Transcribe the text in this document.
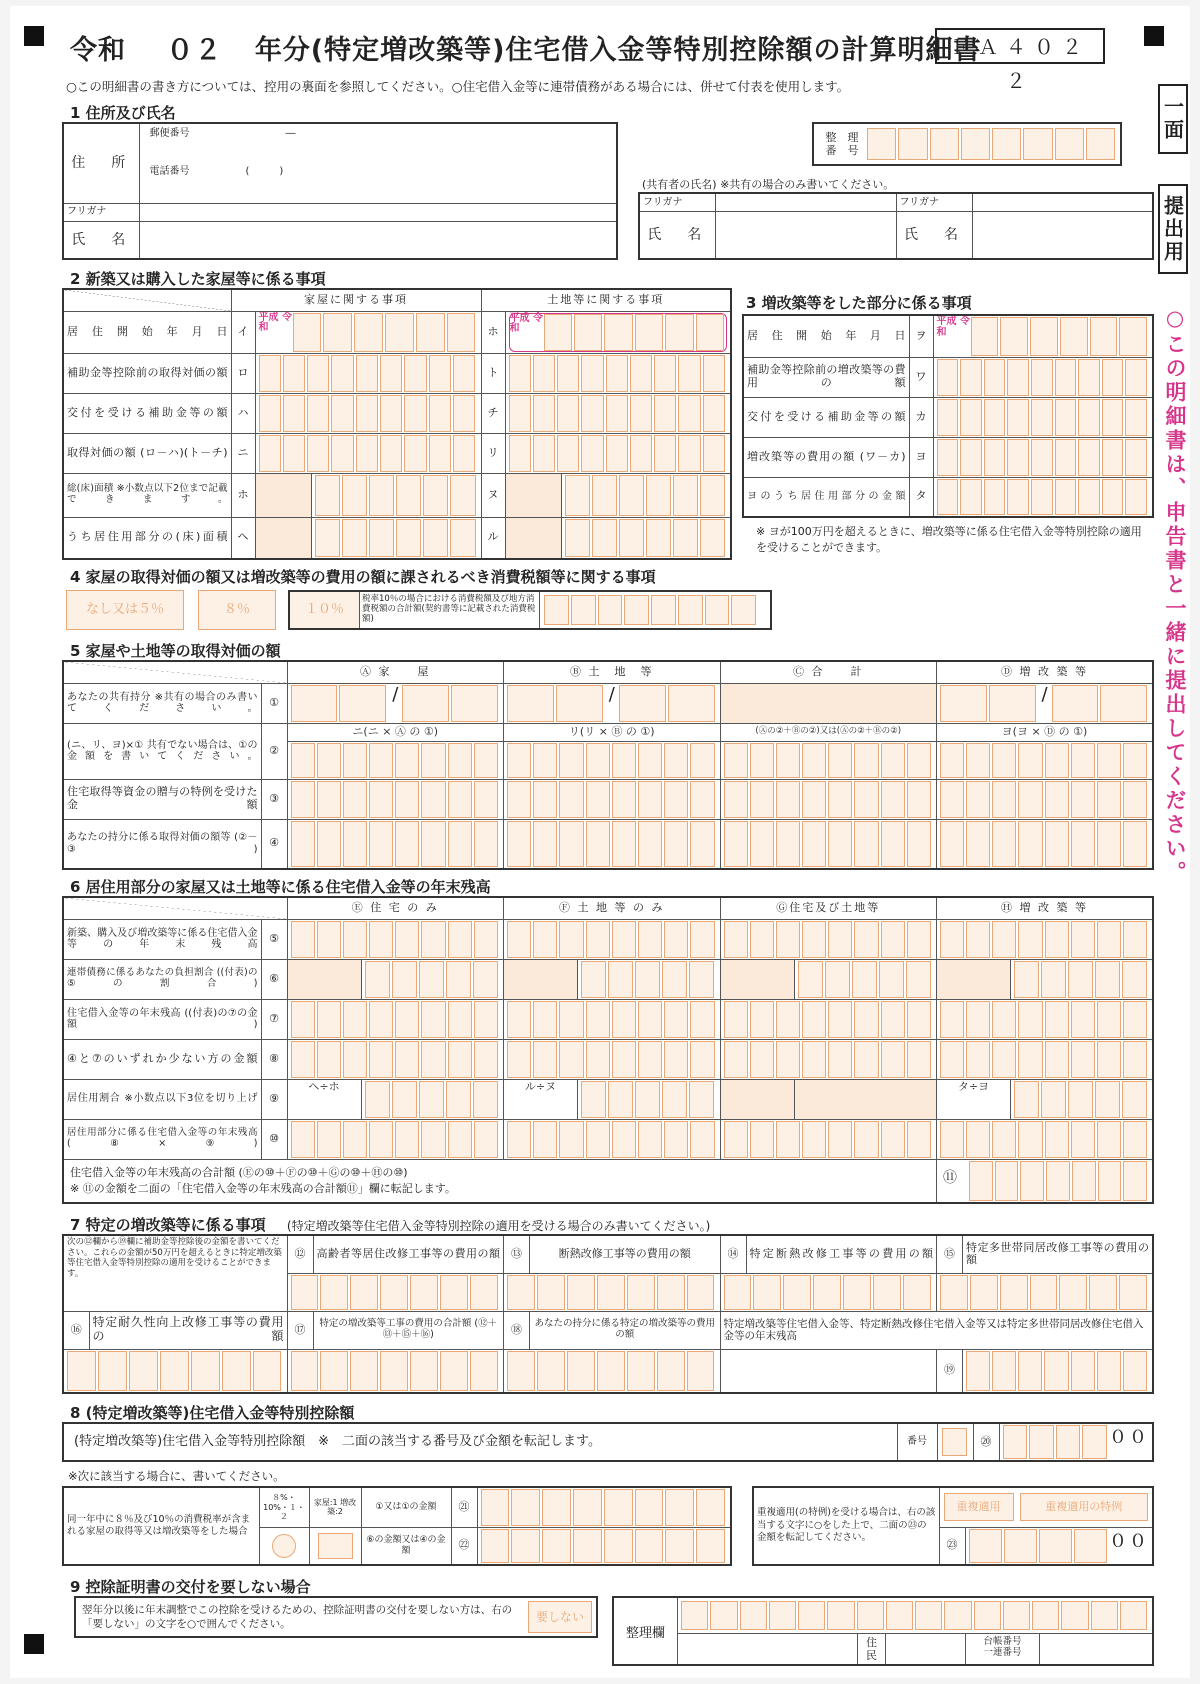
令和 ０２ 年分(特定増改築等)住宅借入金等特別控除額の計算明細書
ＦＡ４０２２
○この明細書の書き方については、控用の裏面を参照してください。○住宅借入金等に連帯債務がある場合には、併せて付表を使用します。
一面
提出用
○この明細書は、申告書と一緒に提出してください。
1 住所及び氏名
住　所	郵便番号 ―
電話番号 (　　　)

フリガナ	
氏　名	
整　理
番　号
(共有者の氏名) ※共有の場合のみ書いてください。
フリガナ		フリガナ	
氏　名		氏　名	
2 新築又は購入した家屋等に係る事項
	家屋に関する事項			土地等に関する事項		
居住開始年月日	イ	平成 令和		ホ	平成 令和	

補助金等控除前の取得対価の額	ロ			ト		

交付を受ける補助金等の額	ハ			チ		

取得対価の額 (ロ－ハ)(ト－チ)	ニ			リ		

総(床)面積 ※小数点以下2位まで記載できます。	ホ			ヌ		

うち居住用部分の(床)面積	ヘ			ル		
3 増改築等をした部分に係る事項
居住開始年月日	ヲ	平成 令和

補助金等控除前の増改築等の費用の額	ワ	

交付を受ける補助金等の額	カ	

増改築等の費用の額 (ワ－カ)	ヨ	

ヨのうち居住用部分の金額	タ	
※ ヨが100万円を超えるときに、増改築等に係る住宅借入金等特別控除の適用を受けることができます。
4 家屋の取得対価の額又は増改築等の費用の額に課されるべき消費税額等に関する事項
なし又は５％	８％	１０％
税率10％の場合における消費税額及び地方消費税額の合計額(契約書等に記載された消費税額)
5 家屋や土地等の取得対価の額
		Ⓐ 家　　屋	Ⓑ 土　地　等	Ⓒ 合　　計	Ⓓ 増 改 築 等
あなたの共有持分 ※共有の場合のみ書いてください。	①	/	/		/

(ニ、リ、ヨ)×① 共有でない場合は、①の金額を書いてください。	②	ニ(ニ × Ⓐ の ①)	リ(リ × Ⓑ の ①)	(Ⓐの②＋Ⓑの②)又は(Ⓐの②＋Ⓑの②)	ヨ(ヨ × Ⓓ の ①)

住宅取得等資金の贈与の特例を受けた金額	③	

あなたの持分に係る取得対価の額等 (②－③)	④	

6 居住用部分の家屋又は土地等に係る住宅借入金等の年末残高
		Ⓔ 住 宅 の み		Ⓕ 土 地 等 の み		Ⓖ住宅及び土地等		Ⓗ 増 改 築 等	
新築、購入及び増改築等に係る住宅借入金等の年末残高	⑤					

連帯債務に係るあなたの負担割合 ((付表)の⑤の割合)	⑥		

住宅借入金等の年末残高 ((付表)の⑦の金額)	⑦					

④と⑦のいずれか少ない方の金額	⑧					

居住用割合 ※小数点以下3位を切り上げ	⑨	ヘ÷ホ		ル÷ヌ				タ÷ヨ	

居住用部分に係る住宅借入金等の年末残高 (⑧×⑨)	⑩					

住宅借入金等の年末残高の合計額 (Ⓔの⑩＋Ⓕの⑩＋Ⓖの⑩＋Ⓗの⑩)
※ ⑪の金額を二面の「住宅借入金等の年末残高の合計額⑪」欄に転記します。								⑪	
7 特定の増改築等に係る事項 (特定増改築等住宅借入金等特別控除の適用を受ける場合のみ書いてください。)
次の⑫欄から⑲欄に補助金等控除後の金額を書いてください。これらの金額が50万円を超えるときに特定増改築等住宅借入金等特別控除の適用を受けることができます。		⑫	高齢者等居住改修工事等の費用の額	⑬	断熱改修工事等の費用の額	⑭	特定断熱改修工事等の費用の額	⑮	特定多世帯同居改修工事等の費用の額

⑯	特定耐久性向上改修工事等の費用の額	⑰	特定の増改築等工事の費用の合計額 (⑫＋⑬＋⑮＋⑯)	⑱	あなたの持分に係る特定の増改築等の費用の額	特定増改築等住宅借入金等、特定断熱改修住宅借入金等又は特定多世帯同居改修住宅借入金等の年末残高			

						⑲	
8 (特定増改築等)住宅借入金等特別控除額
(特定増改築等)住宅借入金等特別控除額　※　二面の該当する番号及び金額を転記します。	番号		⑳	００
※次に該当する場合に、書いてください。
同一年中に８％及び10％の消費税率が含まれる家屋の取得等又は増改築等をした場合	８%・10%・１・２	家屋:1 増改築:2	①又は①の金額	㉑	

		⑥の金額又は④の金額	㉒	
重複適用(の特例)を受ける場合は、右の該当する文字に○をした上で、二面の㉓の金額を転記してください。	重複適用 重複適用の特例	

	㉓	００
9 控除証明書の交付を要しない場合
翌年分以後に年末調整でこの控除を受けるための、控除証明書の交付を要しない方は、右の「要しない」の文字を○で囲んでください。	要しない
整理欄
住
民
台帳番号
一連番号
